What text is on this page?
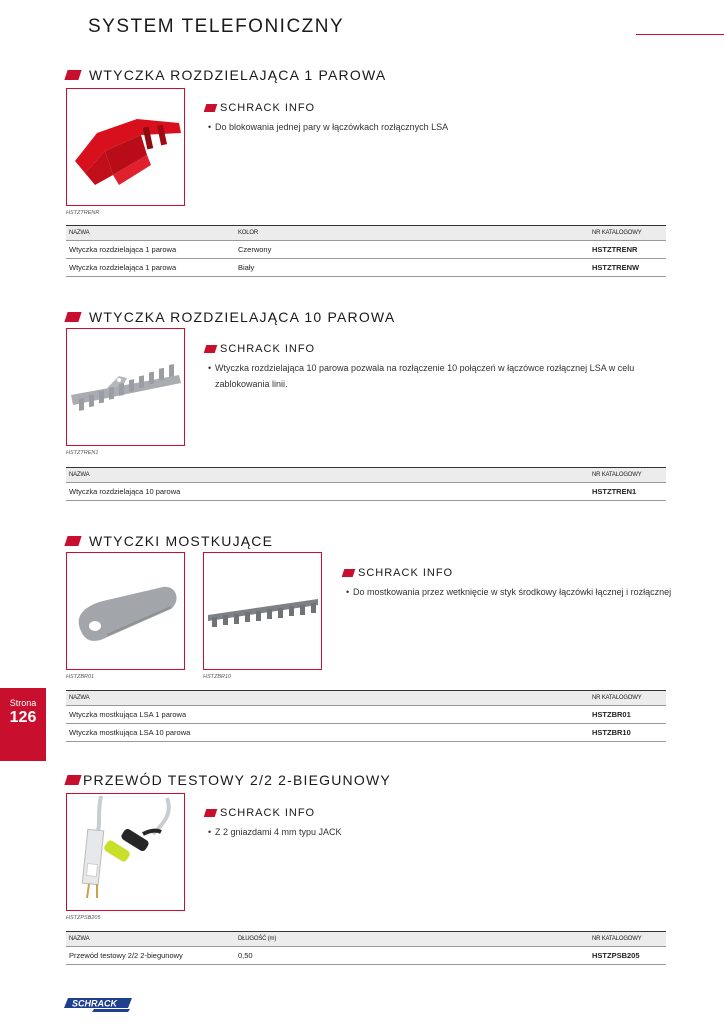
SYSTEM TELEFONICZNY
WTYCZKA ROZDZIELAJĄCA 1 PAROWA
HSTZTRENR
SCHRACK INFO
• Do blokowania jednej pary w łączówkach rozłącznych LSA
NAZWA	KOLOR	NR KATALOGOWY
Wtyczka rozdzielająca 1 parowa	Czerwony	HSTZTRENR
Wtyczka rozdzielająca 1 parowa	Biały	HSTZTRENW
WTYCZKA ROZDZIELAJĄCA 10 PAROWA
HSTZTREN1
SCHRACK INFO
• Wtyczka rozdzielająca 10 parowa pozwala na rozłączenie 10 połączeń w łączówce rozłącznej LSA w celu zablokowania linii.
NAZWA	NR KATALOGOWY
Wtyczka rozdzielająca 10 parowa	HSTZTREN1
WTYCZKI MOSTKUJĄCE
HSTZBR01	HSTZBR10
SCHRACK INFO
• Do mostkowania przez wetknięcie w styk środkowy łączówki łącznej i rozłącznej
NAZWA	NR KATALOGOWY
Wtyczka mostkująca LSA 1 parowa	HSTZBR01
Wtyczka mostkująca LSA 10 parowa	HSTZBR10
PRZEWÓD TESTOWY 2/2 2-BIEGUNOWY
HSTZPSB205
SCHRACK INFO
• Z 2 gniazdami 4 mm typu JACK
NAZWA	DŁUGOŚĆ (m)	NR KATALOGOWY
Przewód testowy 2/2 2-biegunowy	0,50	HSTZPSB205
Strona
126
SCHRACK
